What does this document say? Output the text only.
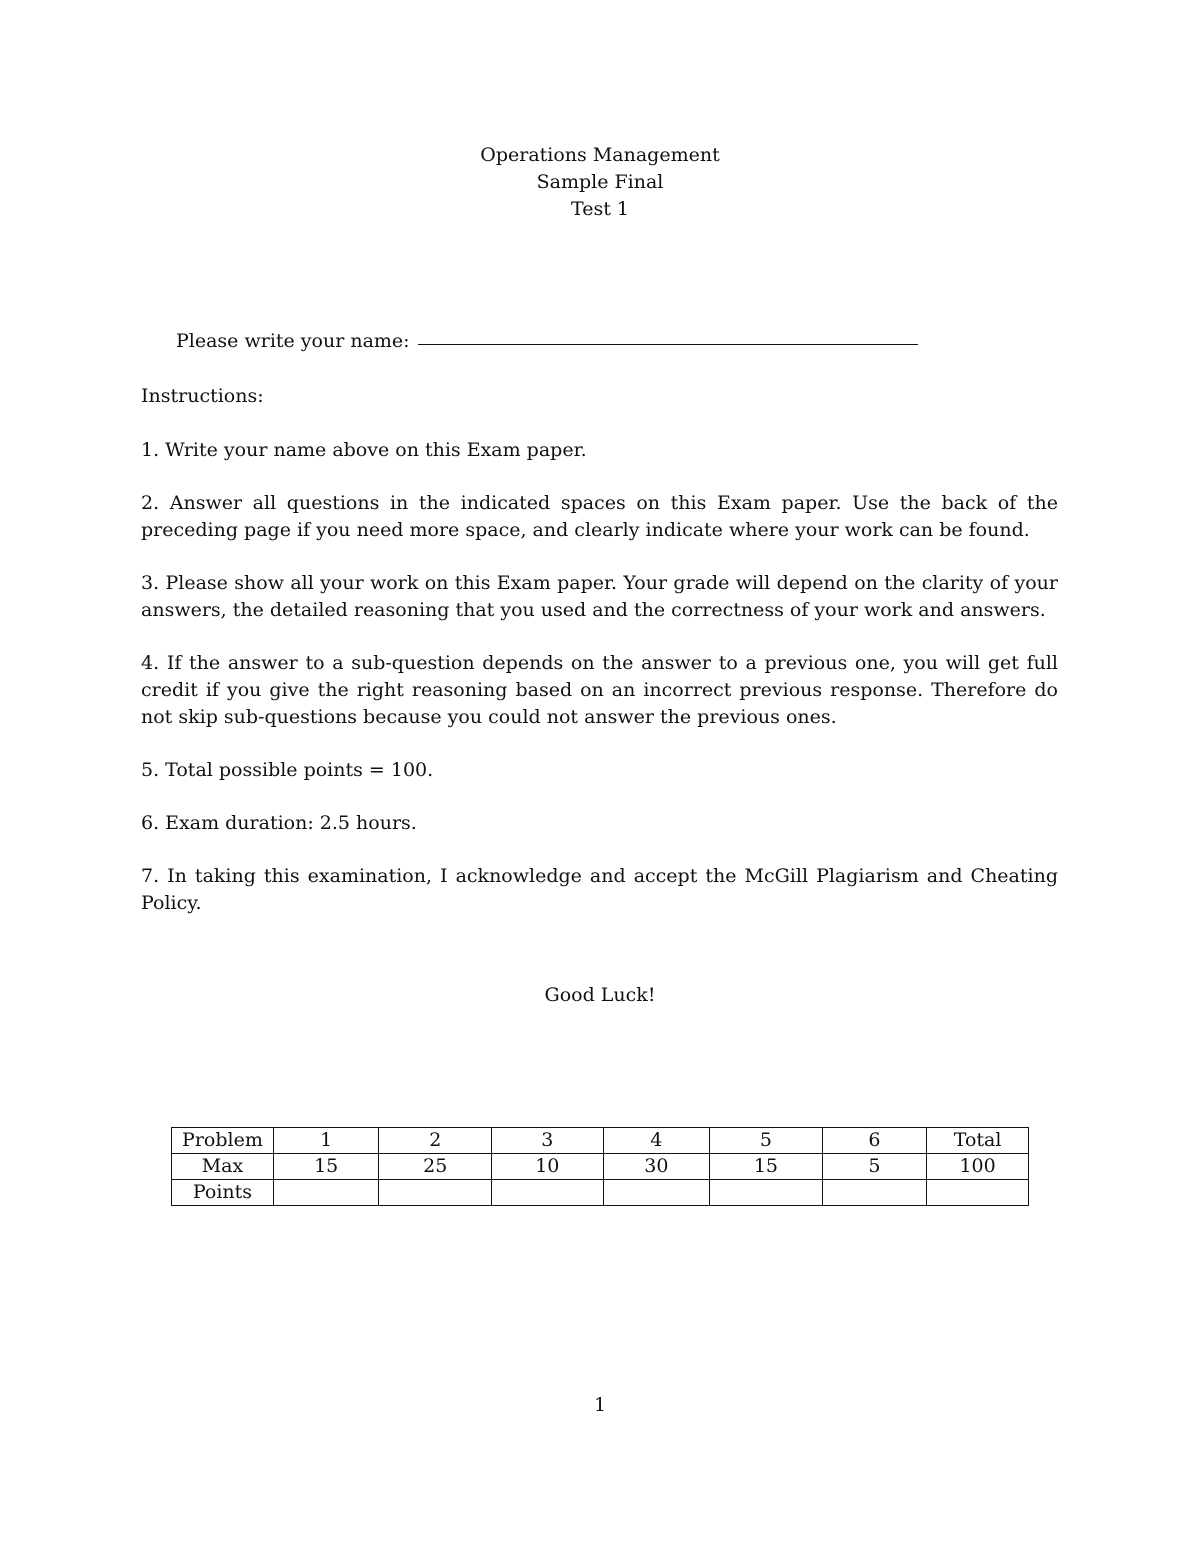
Operations Management
Sample Final
Test 1
Please write your name:
Instructions:

1. Write your name above on this Exam paper.

2. Answer all questions in the indicated spaces on this Exam paper. Use the back of the preceding page if you need more space, and clearly indicate where your work can be found.

3. Please show all your work on this Exam paper. Your grade will depend on the clarity of your answers, the detailed reasoning that you used and the correctness of your work and answers.

4. If the answer to a sub-question depends on the answer to a previous one, you will get full credit if you give the right reasoning based on an incorrect previous response. Therefore do not skip sub-questions because you could not answer the previous ones.

5. Total possible points = 100.

6. Exam duration: 2.5 hours.

7. In taking this examination, I acknowledge and accept the McGill Plagiarism and Cheating Policy.

Good Luck!
Problem	1	2	3	4	5	6	Total
Max	15	25	10	30	15	5	100
Points							
1
